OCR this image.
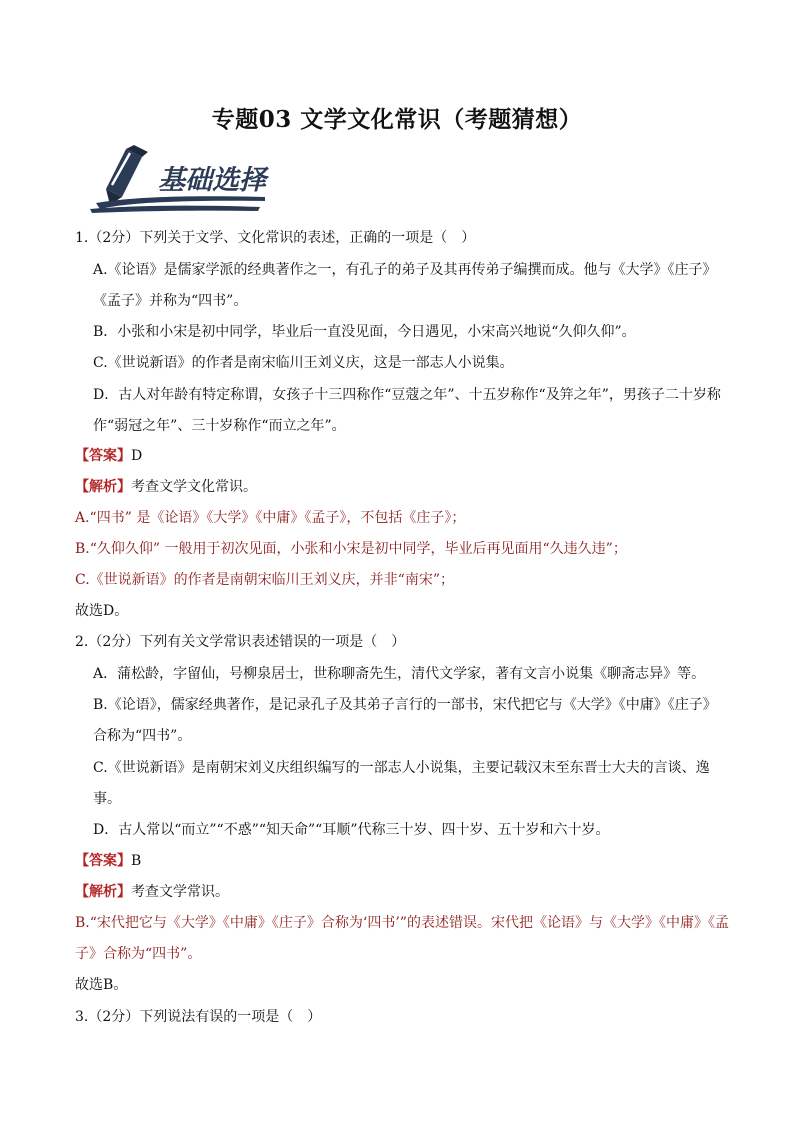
专题03 文学文化常识（考题猜想）
基础选择
1.（2分）下列关于文学、文化常识的表述，正确的一项是（　）
A.《论语》是儒家学派的经典著作之一，有孔子的弟子及其再传弟子编撰而成。他与《大学》《庄子》
《孟子》并称为“四书”。
B．小张和小宋是初中同学，毕业后一直没见面，今日遇见，小宋高兴地说“久仰久仰”。
C.《世说新语》的作者是南宋临川王刘义庆，这是一部志人小说集。
D．古人对年龄有特定称谓，女孩子十三四称作“豆蔻之年”、十五岁称作“及笄之年”，男孩子二十岁称
作“弱冠之年”、三十岁称作“而立之年”。
【答案】D
【解析】考查文学文化常识。
A.“四书” 是《论语》《大学》《中庸》《孟子》，不包括《庄子》；
B.“久仰久仰” 一般用于初次见面，小张和小宋是初中同学，毕业后再见面用“久违久违”；
C.《世说新语》的作者是南朝宋临川王刘义庆，并非“南宋”；
故选D。
2.（2分）下列有关文学常识表述错误的一项是（　）
A．蒲松龄，字留仙，号柳泉居士，世称聊斋先生，清代文学家，著有文言小说集《聊斋志异》等。
B.《论语》，儒家经典著作，是记录孔子及其弟子言行的一部书，宋代把它与《大学》《中庸》《庄子》
合称为“四书”。
C.《世说新语》是南朝宋刘义庆组织编写的一部志人小说集，主要记载汉末至东晋士大夫的言谈、逸
事。
D．古人常以“而立”“不惑”“知天命”“耳顺”代称三十岁、四十岁、五十岁和六十岁。
【答案】B
【解析】考查文学常识。
B.“宋代把它与《大学》《中庸》《庄子》合称为‘四书’”的表述错误。宋代把《论语》与《大学》《中庸》《孟
子》合称为“四书”。
故选B。
3.（2分）下列说法有误的一项是（　）
